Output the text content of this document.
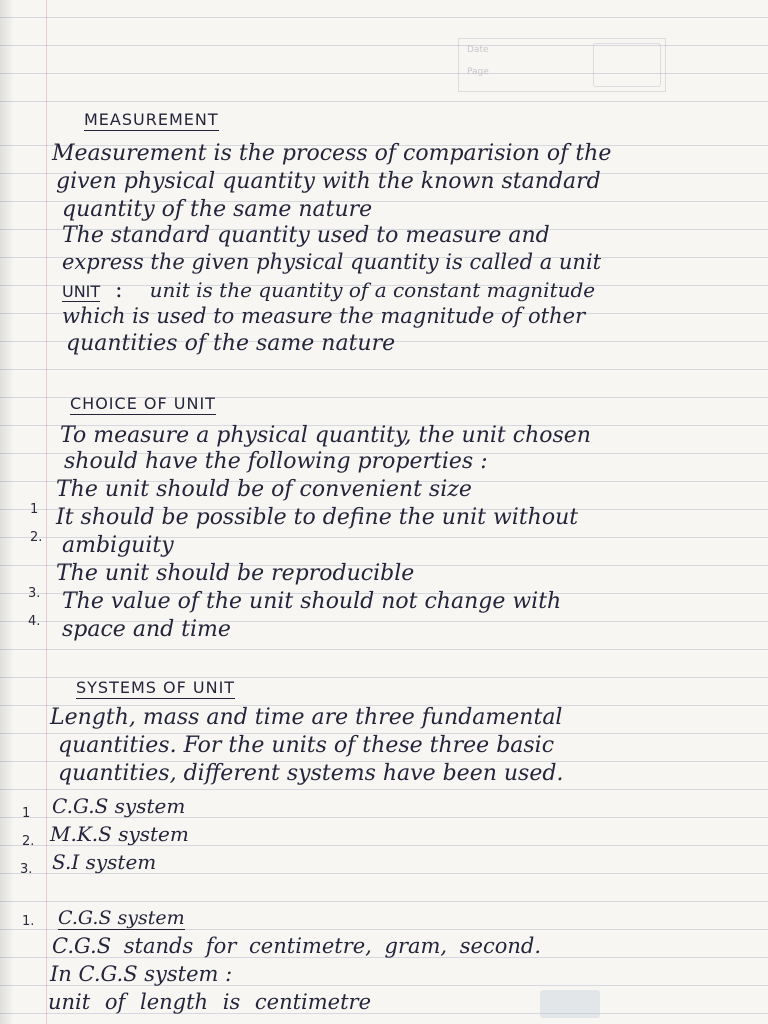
Date
Page
MEASUREMENT
Measurement is the process of comparision of the
given physical quantity with the known standard
quantity of the same nature
The standard quantity used to measure and
express the given physical quantity is called a unit
UNIT : unit is the quantity of a constant magnitude
which is used to measure the magnitude of other
quantities of the same nature
CHOICE OF UNIT
To measure a physical quantity, the unit chosen
should have the following properties :
1
The unit should be of convenient size
2.
It should be possible to define the unit without
ambiguity
3.
The unit should be reproducible
4.
The value of the unit should not change with
space and time
SYSTEMS OF UNIT
Length, mass and time are three fundamental
quantities. For the units of these three basic
quantities, different systems have been used.
1 C.G.S system
2. M.K.S system
3. S.I system
1. C.G.S system
C.G.S stands for centimetre, gram, second.
In C.G.S system :
unit of length is centimetre
